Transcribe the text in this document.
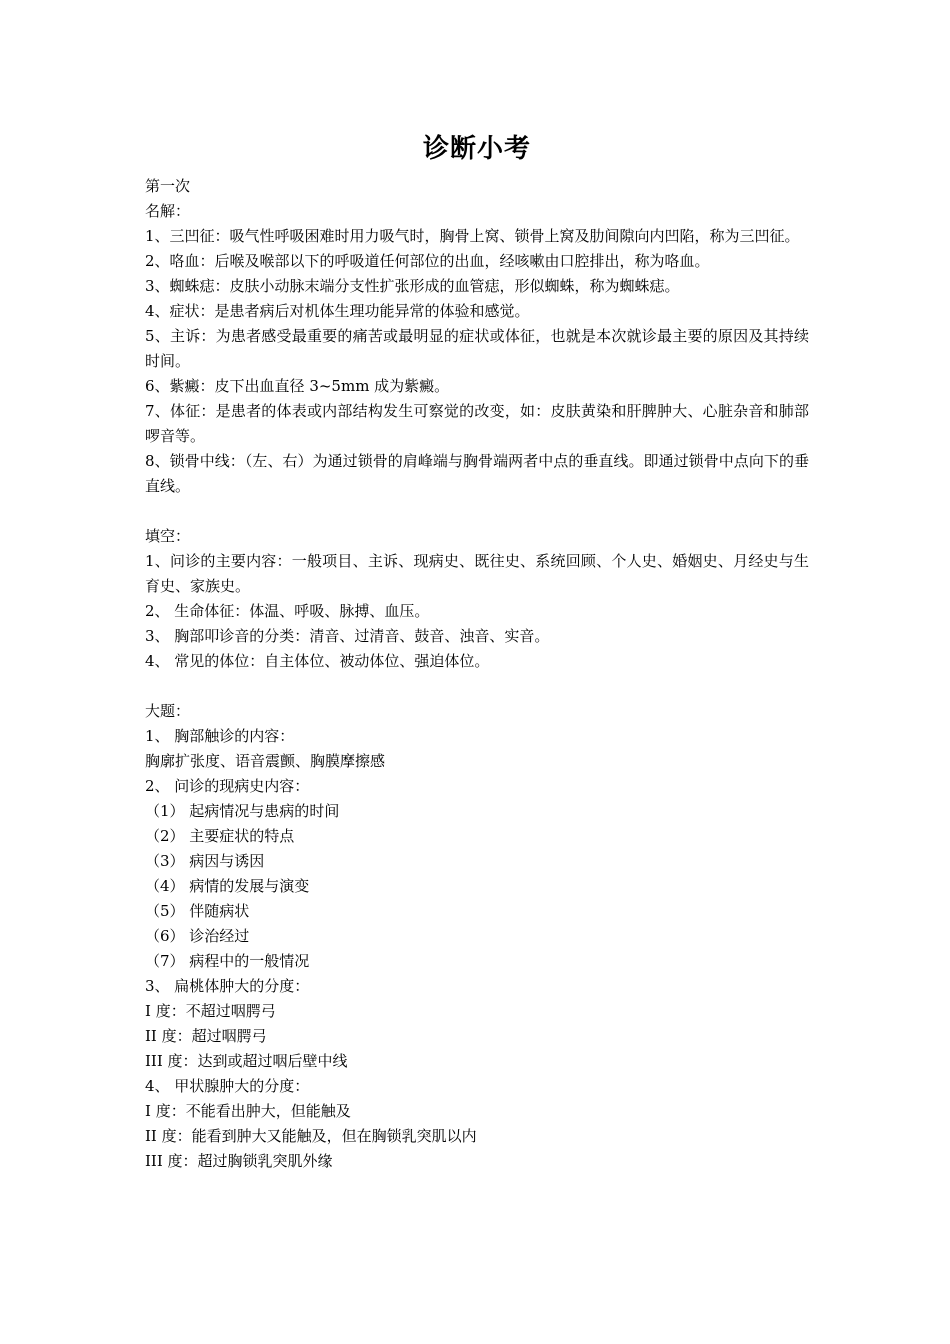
诊断小考

第一次

名解：

1、三凹征：吸气性呼吸困难时用力吸气时，胸骨上窝、锁骨上窝及肋间隙向内凹陷，称为三凹征。

2、咯血：后喉及喉部以下的呼吸道任何部位的出血，经咳嗽由口腔排出，称为咯血。

3、蜘蛛痣：皮肤小动脉末端分支性扩张形成的血管痣，形似蜘蛛，称为蜘蛛痣。

4、症状：是患者病后对机体生理功能异常的体验和感觉。

5、主诉：为患者感受最重要的痛苦或最明显的症状或体征，也就是本次就诊最主要的原因及其持续时间。

6、紫癜：皮下出血直径 3~5mm 成为紫癜。

7、体征：是患者的体表或内部结构发生可察觉的改变，如：皮肤黄染和肝脾肿大、心脏杂音和肺部啰音等。

8、锁骨中线：（左、右）为通过锁骨的肩峰端与胸骨端两者中点的垂直线。即通过锁骨中点向下的垂直线。

填空：

1、问诊的主要内容：一般项目、主诉、现病史、既往史、系统回顾、个人史、婚姻史、月经史与生育史、家族史。

2、 生命体征：体温、呼吸、脉搏、血压。

3、 胸部叩诊音的分类：清音、过清音、鼓音、浊音、实音。

4、 常见的体位：自主体位、被动体位、强迫体位。

大题：

1、 胸部触诊的内容：

胸廓扩张度、语音震颤、胸膜摩擦感

2、 问诊的现病史内容：

（1） 起病情况与患病的时间

（2） 主要症状的特点

（3） 病因与诱因

（4） 病情的发展与演变

（5） 伴随病状

（6） 诊治经过

（7） 病程中的一般情况

3、 扁桃体肿大的分度：

I 度：不超过咽腭弓

II 度：超过咽腭弓

III 度：达到或超过咽后壁中线

4、 甲状腺肿大的分度：

I 度：不能看出肿大，但能触及

II 度：能看到肿大又能触及，但在胸锁乳突肌以内

III 度：超过胸锁乳突肌外缘
